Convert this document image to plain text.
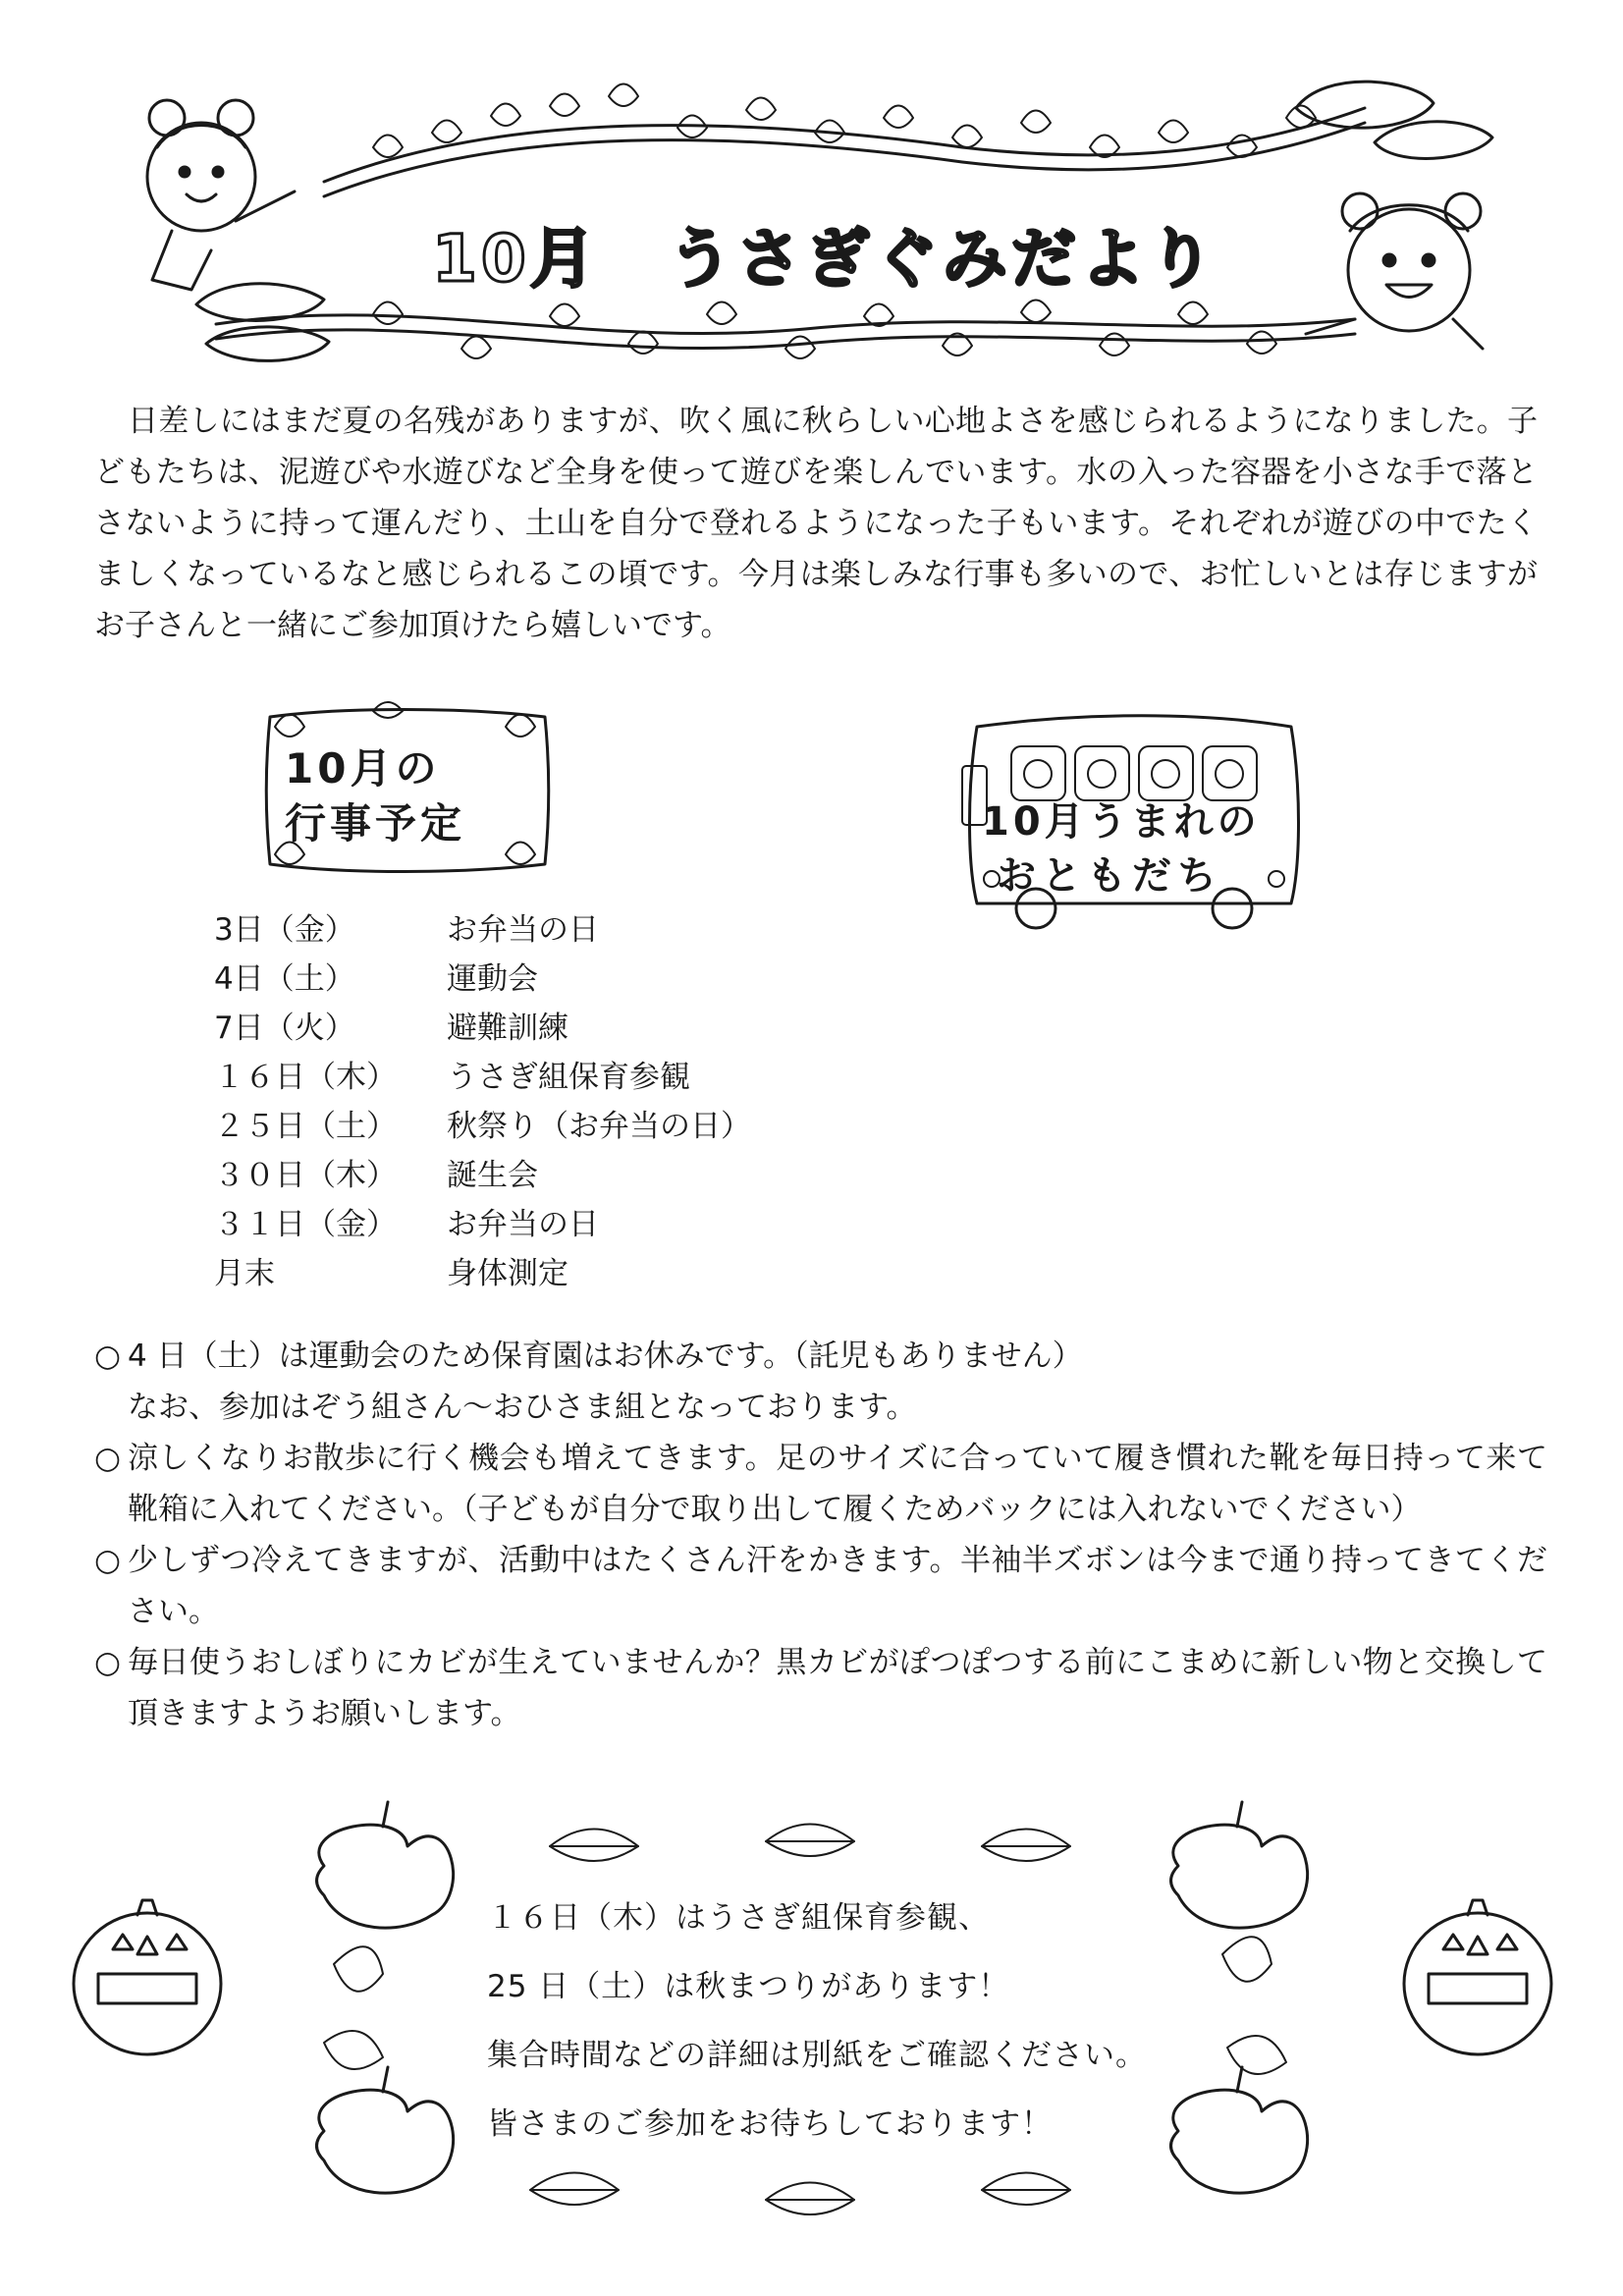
10月　うさぎぐみだより

日差しにはまだ夏の名残がありますが、吹く風に秋らしい心地よさを感じられるようになりました。子どもたちは、泥遊びや水遊びなど全身を使って遊びを楽しんでいます。水の入った容器を小さな手で落とさないように持って運んだり、土山を自分で登れるようになった子もいます。それぞれが遊びの中でたくましくなっているなと感じられるこの頃です。今月は楽しみな行事も多いので、お忙しいとは存じますがお子さんと一緒にご参加頂けたら嬉しいです。

10月の
行事予定	10月うまれの
おともだち
3日（金）	お弁当の日
4日（土）	運動会
7日（火）	避難訓練
１６日（木）	うさぎ組保育参観
２５日（土）	秋祭り（お弁当の日）
３０日（木）	誕生会
３１日（金）	お弁当の日
月末	身体測定
○ 4 日（土）は運動会のため保育園はお休みです。（託児もありません）
なお、参加はぞう組さん～おひさま組となっております。
○ 涼しくなりお散歩に行く機会も増えてきます。足のサイズに合っていて履き慣れた靴を毎日持って来て靴箱に入れてください。（子どもが自分で取り出して履くためバックには入れないでください）
○ 少しずつ冷えてきますが、活動中はたくさん汗をかきます。半袖半ズボンは今まで通り持ってきてください。
○ 毎日使うおしぼりにカビが生えていませんか？黒カビがぽつぽつする前にこまめに新しい物と交換して頂きますようお願いします。
１６日（木）はうさぎ組保育参観、
25 日（土）は秋まつりがあります！
集合時間などの詳細は別紙をご確認ください。
皆さまのご参加をお待ちしております！
